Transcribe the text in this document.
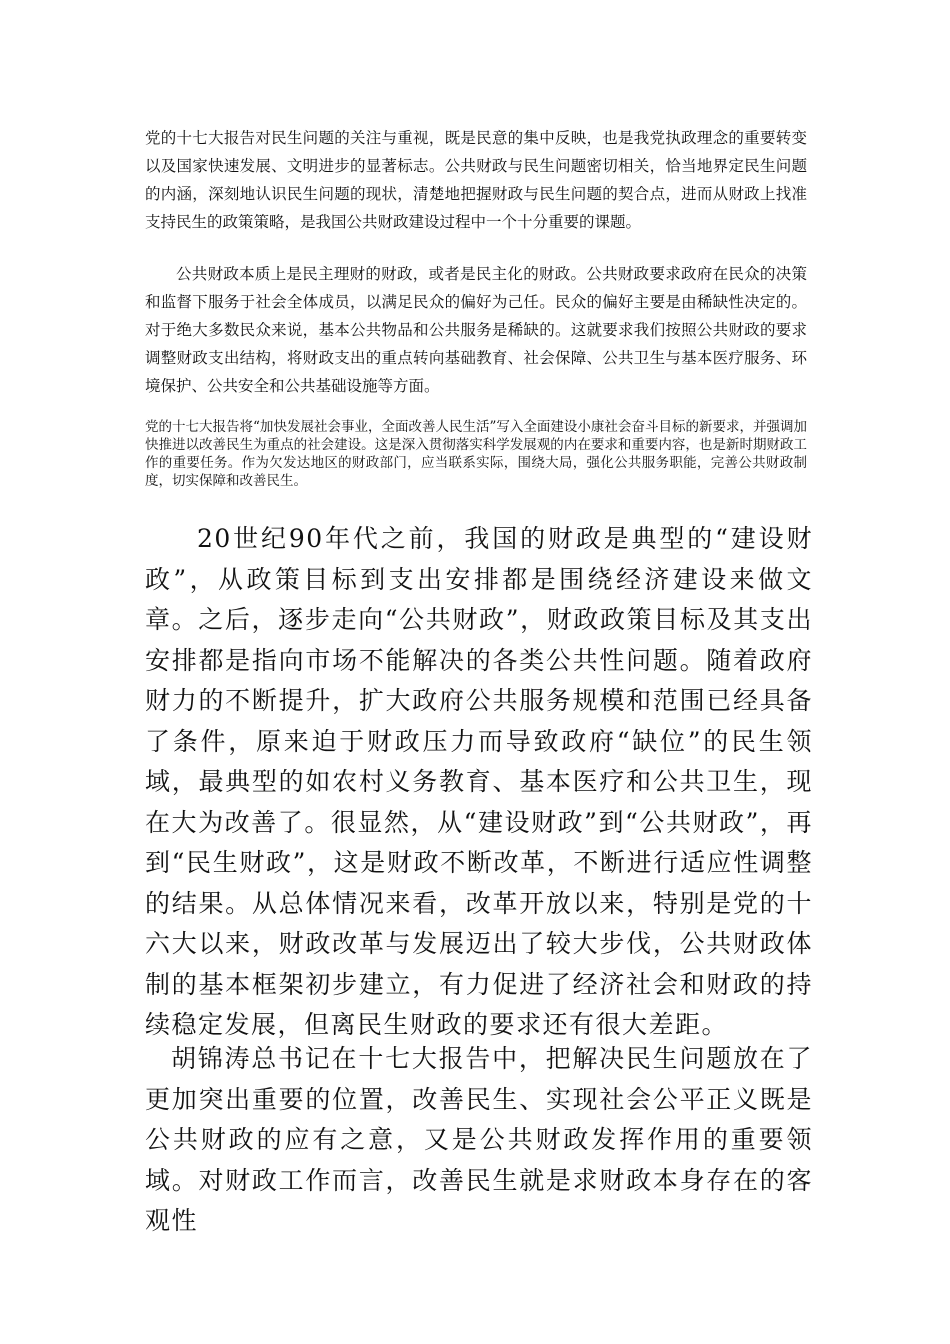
党的十七大报告对民生问题的关注与重视，既是民意的集中反映，也是我党执政理念的重要转变以及国家快速发展、文明进步的显著标志。公共财政与民生问题密切相关，恰当地界定民生问题的内涵，深刻地认识民生问题的现状，清楚地把握财政与民生问题的契合点，进而从财政上找准支持民生的政策策略，是我国公共财政建设过程中一个十分重要的课题。

公共财政本质上是民主理财的财政，或者是民主化的财政。公共财政要求政府在民众的决策和监督下服务于社会全体成员，以满足民众的偏好为己任。民众的偏好主要是由稀缺性决定的。对于绝大多数民众来说，基本公共物品和公共服务是稀缺的。这就要求我们按照公共财政的要求调整财政支出结构，将财政支出的重点转向基础教育、社会保障、公共卫生与基本医疗服务、环境保护、公共安全和公共基础设施等方面。

党的十七大报告将“加快发展社会事业，全面改善人民生活”写入全面建设小康社会奋斗目标的新要求，并强调加快推进以改善民生为重点的社会建设。这是深入贯彻落实科学发展观的内在要求和重要内容，也是新时期财政工作的重要任务。作为欠发达地区的财政部门，应当联系实际，围绕大局，强化公共服务职能，完善公共财政制度，切实保障和改善民生。

20世纪90年代之前，我国的财政是典型的“建设财政”，从政策目标到支出安排都是围绕经济建设来做文章。之后，逐步走向“公共财政”，财政政策目标及其支出安排都是指向市场不能解决的各类公共性问题。随着政府财力的不断提升，扩大政府公共服务规模和范围已经具备了条件，原来迫于财政压力而导致政府“缺位”的民生领域，最典型的如农村义务教育、基本医疗和公共卫生，现在大为改善了。很显然，从“建设财政”到“公共财政”，再到“民生财政”，这是财政不断改革，不断进行适应性调整的结果。从总体情况来看，改革开放以来，特别是党的十六大以来，财政改革与发展迈出了较大步伐，公共财政体制的基本框架初步建立，有力促进了经济社会和财政的持续稳定发展，但离民生财政的要求还有很大差距。

胡锦涛总书记在十七大报告中，把解决民生问题放在了更加突出重要的位置，改善民生、实现社会公平正义既是公共财政的应有之意，又是公共财政发挥作用的重要领域。对财政工作而言，改善民生就是求财政本身存在的客观性
